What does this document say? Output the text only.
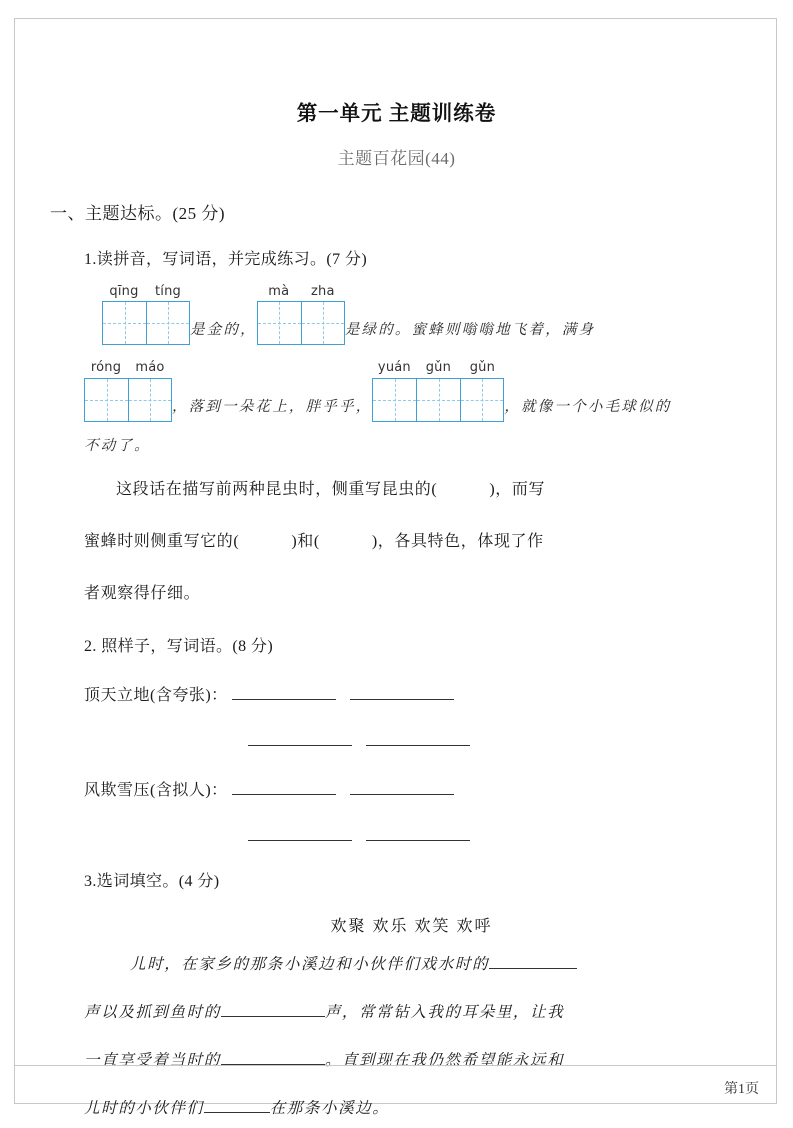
第一单元 主题训练卷
主题百花园(44)
一、主题达标。(25 分)
1.读拼音，写词语，并完成练习。(7 分)
qīng	tíng
是金的，
mà	zha
是绿的。蜜蜂则嗡嗡地飞着，满身
róng	máo
，落到一朵花上，胖乎乎，
yuán	gǔn	gǔn
，就像一个小毛球似的
不动了。
这段话在描写前两种昆虫时，侧重写昆虫的(	)，而写
蜜蜂时则侧重写它的(	)和(	)，各具特色，体现了作
者观察得仔细。
2. 照样子，写词语。(8 分)
顶天立地(含夸张)：
风欺雪压(含拟人)：
3.选词填空。(4 分)
欢聚 欢乐 欢笑 欢呼
儿时，在家乡的那条小溪边和小伙伴们戏水时的
声以及抓到鱼时的	声，常常钻入我的耳朵里，让我
一直享受着当时的	。直到现在我仍然希望能永远和
儿时的小伙伴们	在那条小溪边。
第1页
